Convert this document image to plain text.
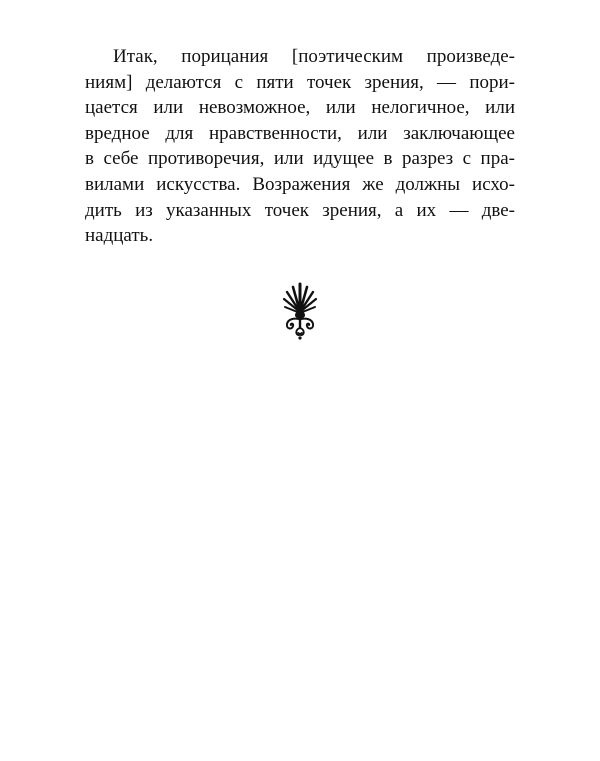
Итак, порицания [поэтическим произведе-
ниям] делаются с пяти точек зрения, — пори-
цается или невозможное, или нелогичное, или
вредное для нравственности, или заключающее
в себе противоречия, или идущее в разрез с пра-
вилами искусства. Возражения же должны исхо-
дить из указанных точек зрения, а их — две-
надцать.
